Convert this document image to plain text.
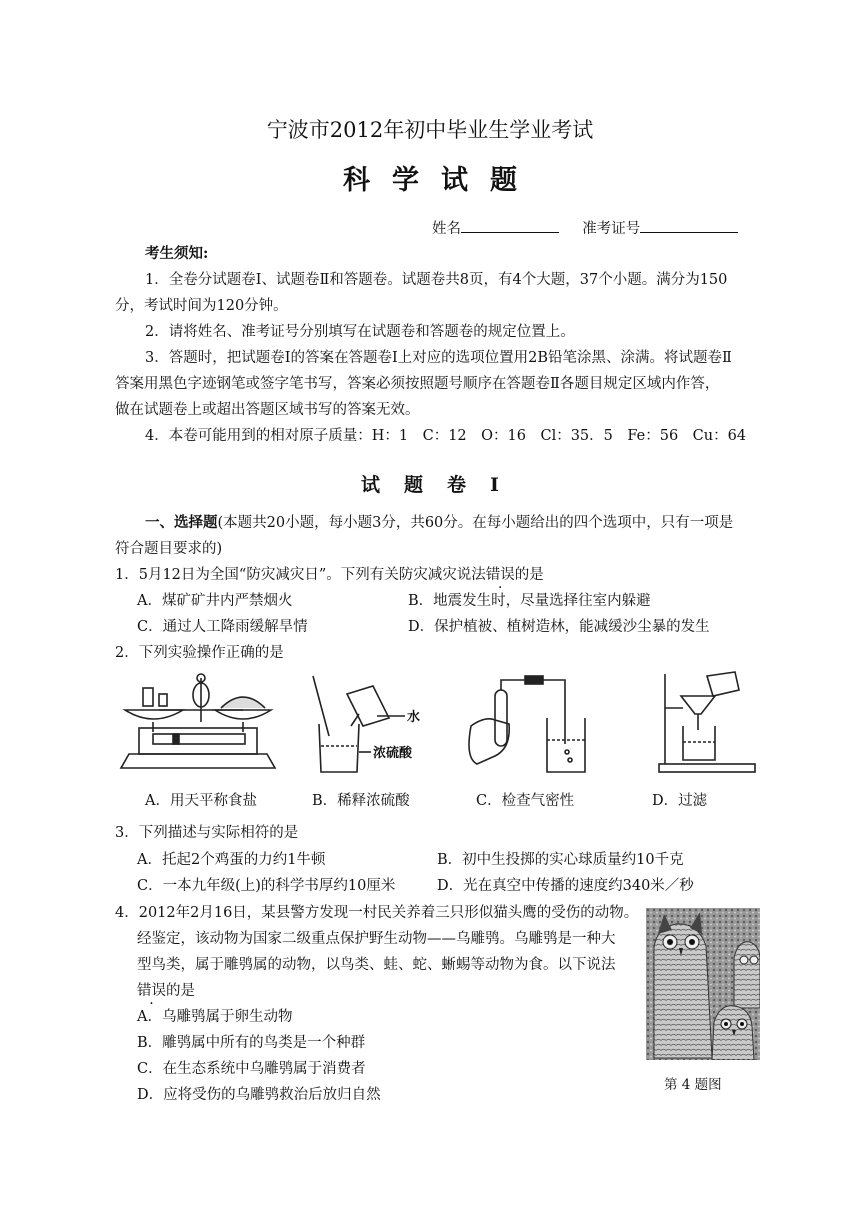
宁波市2012年初中毕业生学业考试
科学试题
姓名	准考证号
考生须知:
1．全卷分试题卷Ⅰ、试题卷Ⅱ和答题卷。试题卷共8页，有4个大题，37个小题。满分为150
分，考试时间为120分钟。
2．请将姓名、准考证号分别填写在试题卷和答题卷的规定位置上。
3．答题时，把试题卷Ⅰ的答案在答题卷Ⅰ上对应的选项位置用2B铅笔涂黑、涂满。将试题卷Ⅱ
答案用黑色字迹钢笔或签字笔书写，答案必须按照题号顺序在答题卷Ⅱ各题目规定区域内作答，
做在试题卷上或超出答题区域书写的答案无效。
4．本卷可能用到的相对原子质量：H：1　C：12　O：16　Cl：35．5　Fe：56　Cu：64
试题卷Ⅰ
一、选择题(本题共20小题，每小题3分，共60分。在每小题给出的四个选项中，只有一项是
符合题目要求的)
1．5月12日为全国“防灾减灾日”。下列有关防灾减灾说法错误的是
A．煤矿矿井内严禁烟火	B．地震发生时，尽量选择往室内躲避
C．通过人工降雨缓解旱情	D．保护植被、植树造林，能减缓沙尘暴的发生
2．下列实验操作正确的是
水
浓硫酸
A．用天平称食盐	B．稀释浓硫酸	C．检查气密性	D．过滤
3．下列描述与实际相符的是
A．托起2个鸡蛋的力约1牛顿	B．初中生投掷的实心球质量约10千克
C．一本九年级(上)的科学书厚约10厘米	D．光在真空中传播的速度约340米／秒
4．2012年2月16日，某县警方发现一村民关养着三只形似猫头鹰的受伤的动物。
经鉴定，该动物为国家二级重点保护野生动物——乌雕鸮。乌雕鸮是一种大
型鸟类，属于雕鸮属的动物，以鸟类、蛙、蛇、蜥蜴等动物为食。以下说法
错误的是
A．乌雕鸮属于卵生动物
B．雕鸮属中所有的鸟类是一个种群
C．在生态系统中乌雕鸮属于消费者
D．应将受伤的乌雕鸮救治后放归自然
第 4 题图
